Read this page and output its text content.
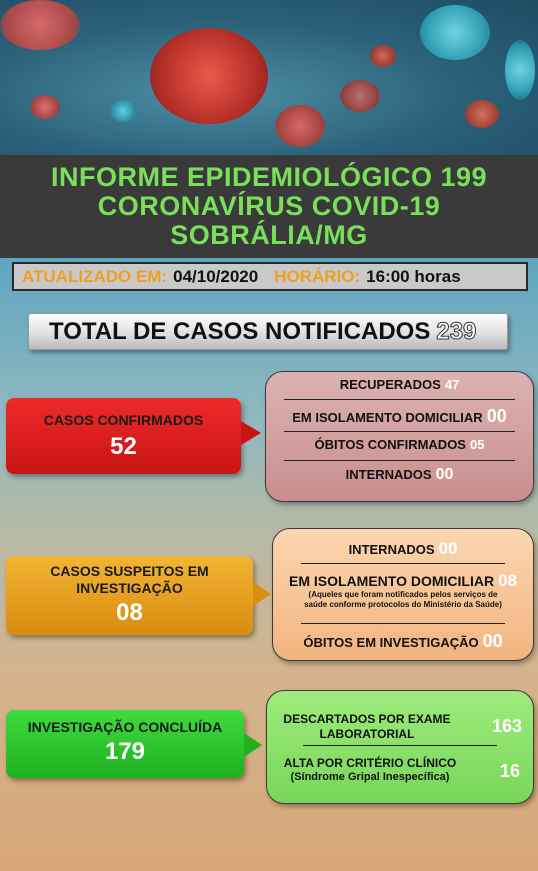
INFORME EPIDEMIOLÓGICO 199
CORONAVÍRUS COVID-19
SOBRÁLIA/MG
ATUALIZADO EM: 04/10/2020 HORÁRIO: 16:00 horas
TOTAL DE CASOS NOTIFICADOS 239
CASOS CONFIRMADOS
52
RECUPERADOS 47
EM ISOLAMENTO DOMICILIAR 00
ÓBITOS CONFIRMADOS 05
INTERNADOS 00
CASOS SUSPEITOS EM
INVESTIGAÇÃO
08
INTERNADOS 00
EM ISOLAMENTO DOMICILIAR 08
(Aqueles que foram notificados pelos serviços de
saúde conforme protocolos do Ministério da Saúde)
ÓBITOS EM INVESTIGAÇÃO 00
INVESTIGAÇÃO CONCLUÍDA
179
DESCARTADOS POR EXAME
LABORATORIAL	163
ALTA POR CRITÉRIO CLÍNICO
(Síndrome Gripal Inespecífica)	16
